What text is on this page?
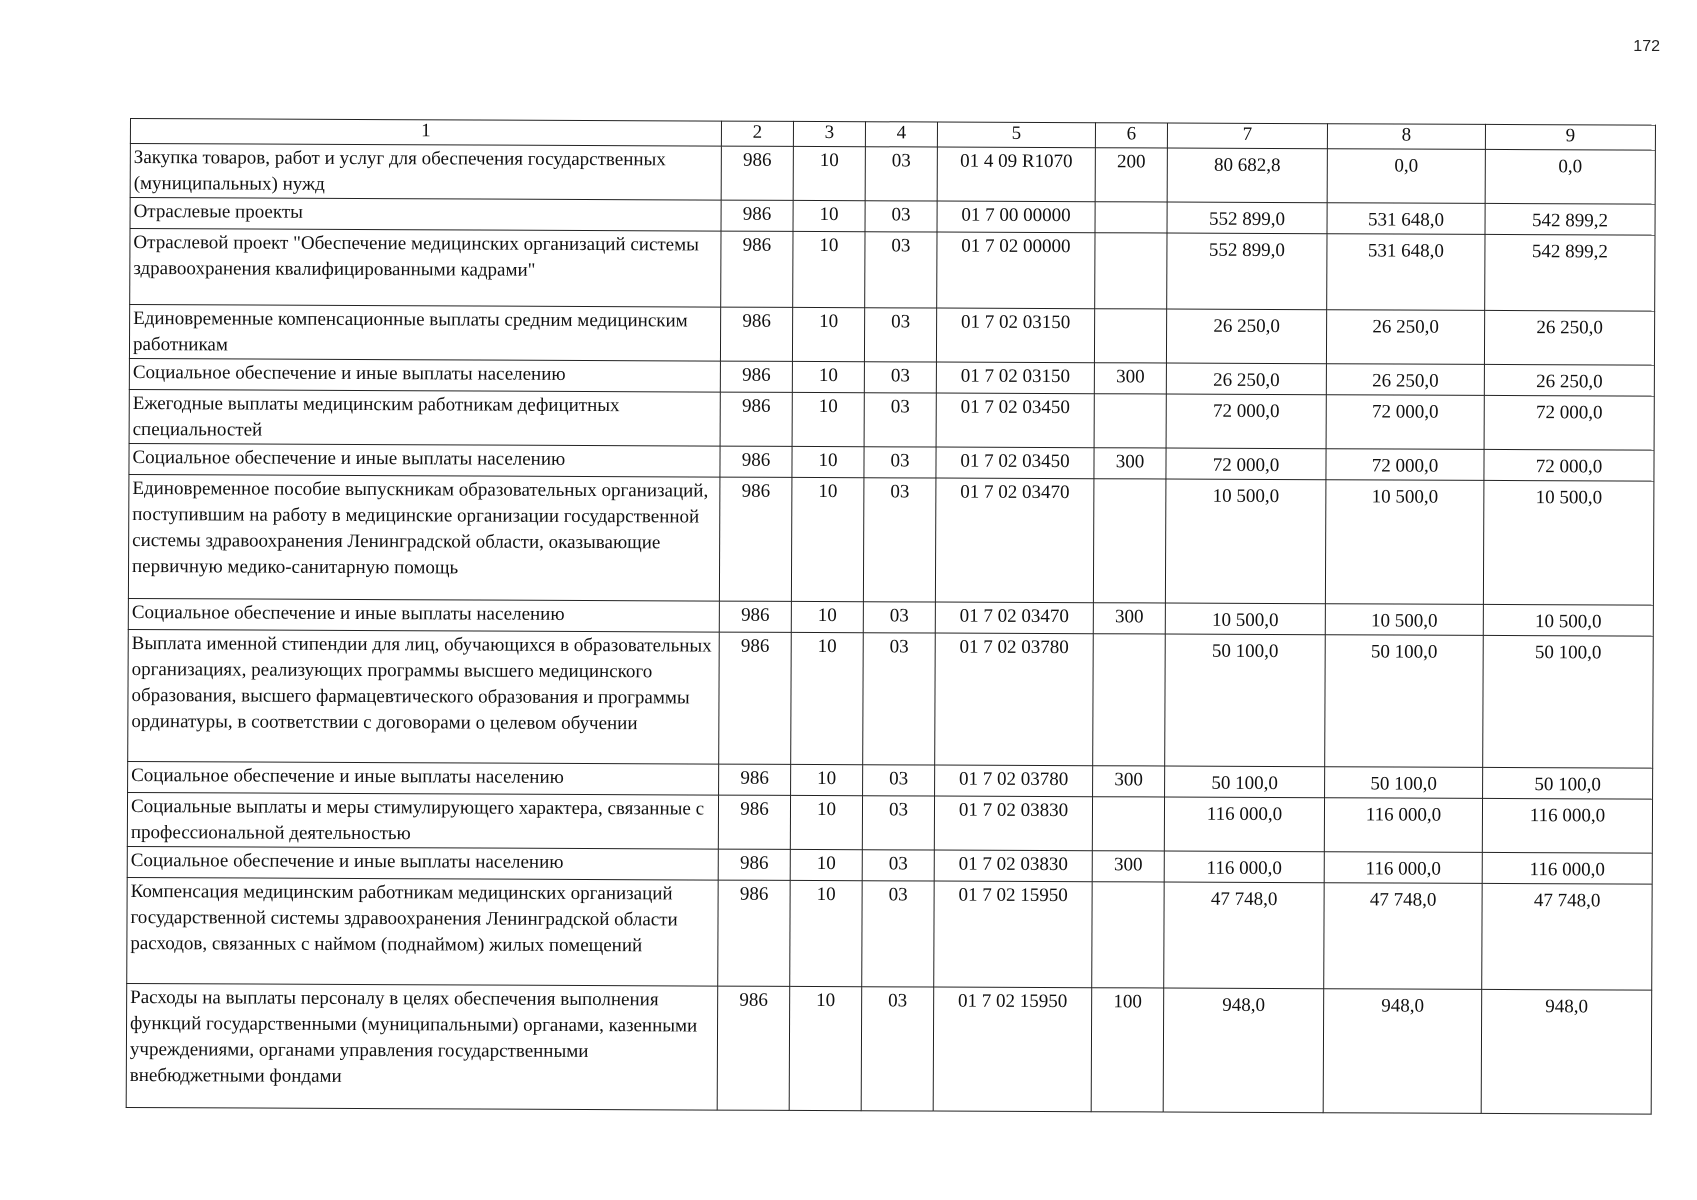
172
1	2	3	4	5	6	7	8	9
Закупка товаров, работ и услуг для обеспечения государственных (муниципальных) нужд	986	10	03	01 4 09 R1070	200	80 682,8	0,0	0,0
Отраслевые проекты	986	10	03	01 7 00 00000		552 899,0	531 648,0	542 899,2
Отраслевой проект "Обеспечение медицинских организаций системы здравоохранения квалифицированными кадрами"	986	10	03	01 7 02 00000		552 899,0	531 648,0	542 899,2
Единовременные компенсационные выплаты средним медицинским работникам	986	10	03	01 7 02 03150		26 250,0	26 250,0	26 250,0
Социальное обеспечение и иные выплаты населению	986	10	03	01 7 02 03150	300	26 250,0	26 250,0	26 250,0
Ежегодные выплаты медицинским работникам дефицитных специальностей	986	10	03	01 7 02 03450		72 000,0	72 000,0	72 000,0
Социальное обеспечение и иные выплаты населению	986	10	03	01 7 02 03450	300	72 000,0	72 000,0	72 000,0
Единовременное пособие выпускникам образовательных организаций, поступившим на работу в медицинские организации государственной системы здравоохранения Ленинградской области, оказывающие первичную медико-санитарную помощь	986	10	03	01 7 02 03470		10 500,0	10 500,0	10 500,0
Социальное обеспечение и иные выплаты населению	986	10	03	01 7 02 03470	300	10 500,0	10 500,0	10 500,0
Выплата именной стипендии для лиц, обучающихся в образовательных организациях, реализующих программы высшего медицинского образования, высшего фармацевтического образования и программы ординатуры, в соответствии с договорами о целевом обучении	986	10	03	01 7 02 03780		50 100,0	50 100,0	50 100,0
Социальное обеспечение и иные выплаты населению	986	10	03	01 7 02 03780	300	50 100,0	50 100,0	50 100,0
Социальные выплаты и меры стимулирующего характера, связанные с профессиональной деятельностью	986	10	03	01 7 02 03830		116 000,0	116 000,0	116 000,0
Социальное обеспечение и иные выплаты населению	986	10	03	01 7 02 03830	300	116 000,0	116 000,0	116 000,0
Компенсация медицинским работникам медицинских организаций государственной системы здравоохранения Ленинградской области расходов, связанных с наймом (поднаймом) жилых помещений	986	10	03	01 7 02 15950		47 748,0	47 748,0	47 748,0
Расходы на выплаты персоналу в целях обеспечения выполнения функций государственными (муниципальными) органами, казенными учреждениями, органами управления государственными внебюджетными фондами	986	10	03	01 7 02 15950	100	948,0	948,0	948,0
